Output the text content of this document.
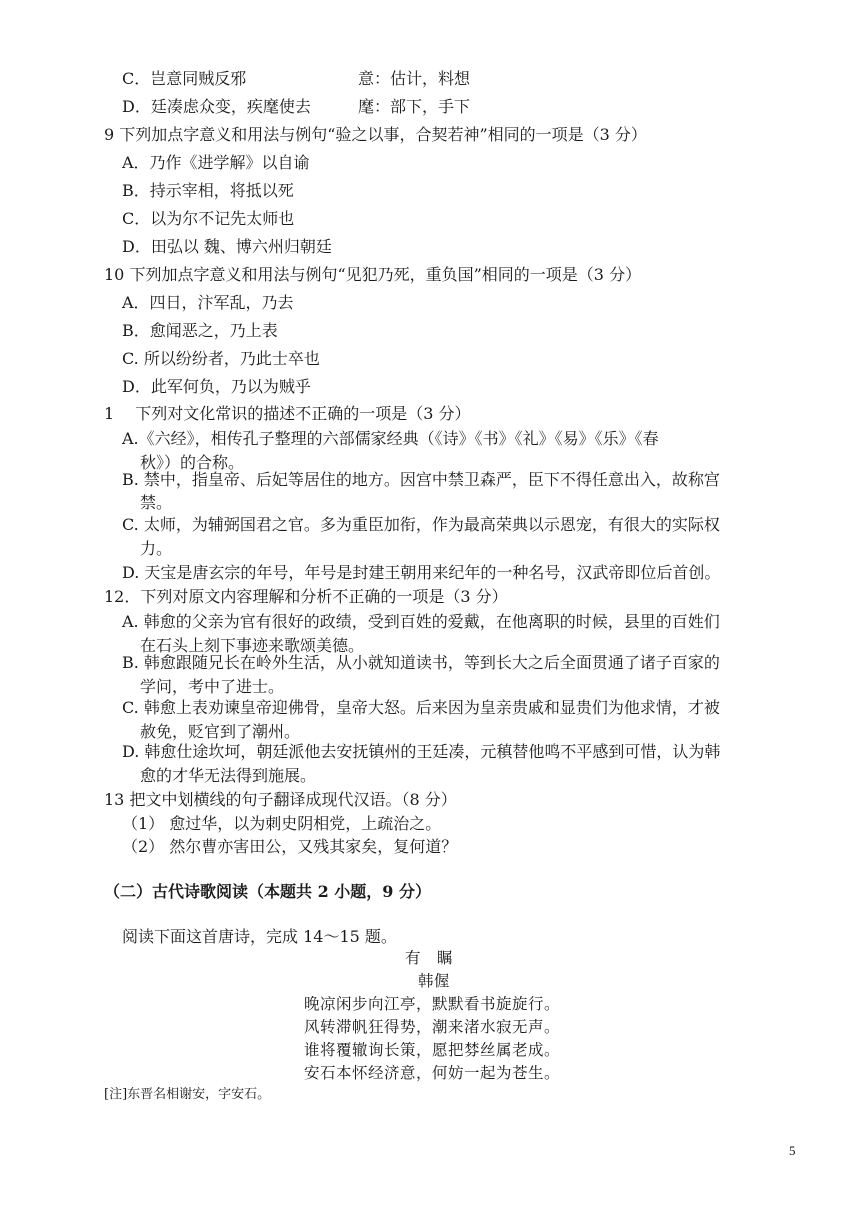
C．岂意同贼反邪	意：估计，料想
D．廷凑虑众变，疾麾使去	麾：部下，手下
9 下列加点字意义和用法与例句“验之以事，合契若神”相同的一项是（3 分）
A．乃作《进学解》以自谕
B．持示宰相，将抵以死
C．以为尔不记先太师也
D．田弘以 魏、博六州归朝廷
10 下列加点字意义和用法与例句“见犯乃死，重负国”相同的一项是（3 分）
A．四日，汴军乱，乃去
B．愈闻恶之，乃上表
C. 所以纷纷者，乃此士卒也
D．此军何负，乃以为贼乎
1　 下列对文化常识的描述不正确的一项是（3 分）
A.《六经》，相传孔子整理的六部儒家经典（《诗》《书》《礼》《易》《乐》《春
秋》）的合称。
B. 禁中，指皇帝、后妃等居住的地方。因宫中禁卫森严，臣下不得任意出入，故称宫
禁。
C. 太师，为辅弼国君之官。多为重臣加衔，作为最高荣典以示恩宠，有很大的实际权
力。
D. 天宝是唐玄宗的年号，年号是封建王朝用来纪年的一种名号，汉武帝即位后首创。
12．下列对原文内容理解和分析不正确的一项是（3 分）
A. 韩愈的父亲为官有很好的政绩，受到百姓的爱戴，在他离职的时候，县里的百姓们
在石头上刻下事迹来歌颂美德。
B. 韩愈跟随兄长在岭外生活，从小就知道读书，等到长大之后全面贯通了诸子百家的
学问，考中了进士。
C. 韩愈上表劝谏皇帝迎佛骨，皇帝大怒。后来因为皇亲贵戚和显贵们为他求情，才被
赦免，贬官到了潮州。
D. 韩愈仕途坎坷，朝廷派他去安抚镇州的王廷凑，元稹替他鸣不平感到可惜，认为韩
愈的才华无法得到施展。
13 把文中划横线的句子翻译成现代汉语。（8 分）
（1） 愈过华，以为刺史阴相党，上疏治之。
（2） 然尔曹亦害田公，又残其家矣，复何道？
（二）古代诗歌阅读（本题共 2 小题，9 分）
阅读下面这首唐诗，完成 14～15 题。
有　瞩
韩偓
晚凉闲步向江亭，默默看书旋旋行。
风转滞帆狂得势，潮来渚水寂无声。
谁将覆辙询长策，愿把棼丝属老成。
安石本怀经济意，何妨一起为苍生。
[注]东晋名相谢安，字安石。
5
